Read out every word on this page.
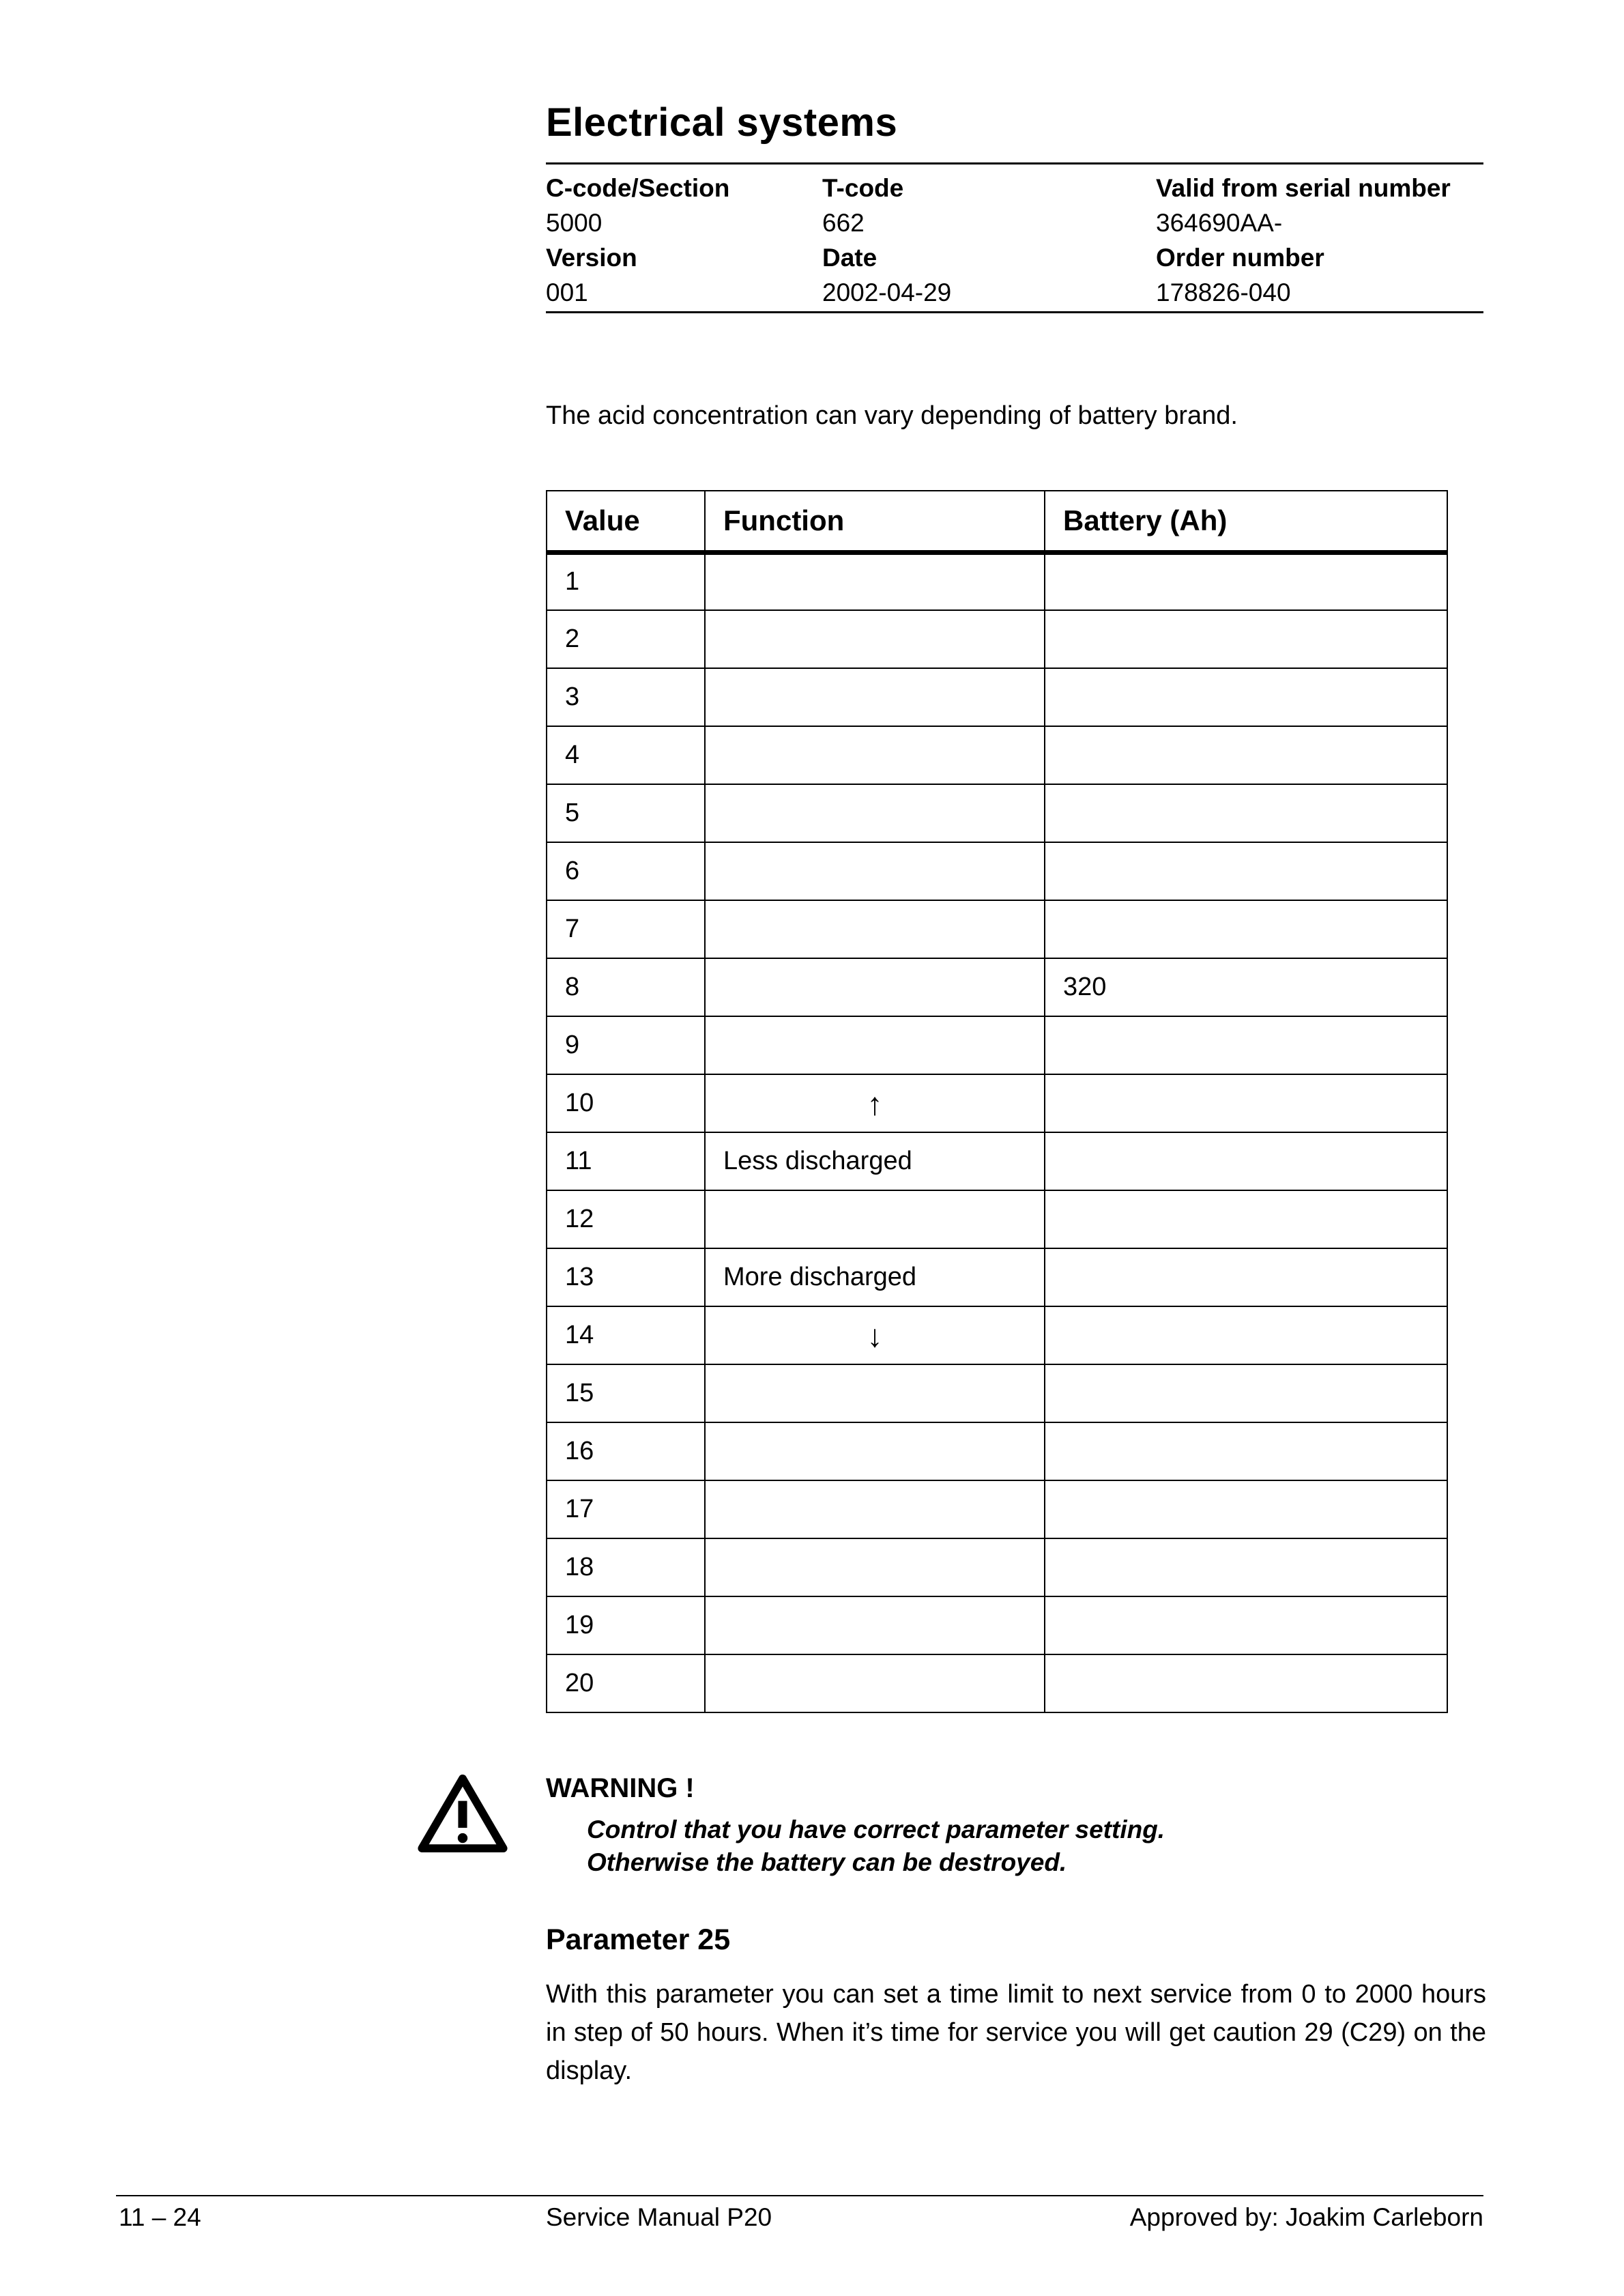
Electrical systems
C-code/Section	T-code	Valid from serial number
5000	662	364690AA-
Version	Date	Order number
001	2002-04-29	178826-040

The acid concentration can vary depending of battery brand.

Value	Function	Battery (Ah)
1		
2		
3		
4		
5		
6		
7		
8		320
9		
10	↑	
11	Less discharged	
12		
13	More discharged	
14	↓	
15		
16		
17		
18		
19		
20		
WARNING !
Control that you have correct parameter setting.
Otherwise the battery can be destroyed.
Parameter 25

With this parameter you can set a time limit to next service from 0 to 2000 hours in step of 50 hours. When it’s time for service you will get caution 29 (C29) on the display.

11 – 24	Service Manual P20	Approved by: Joakim Carleborn
